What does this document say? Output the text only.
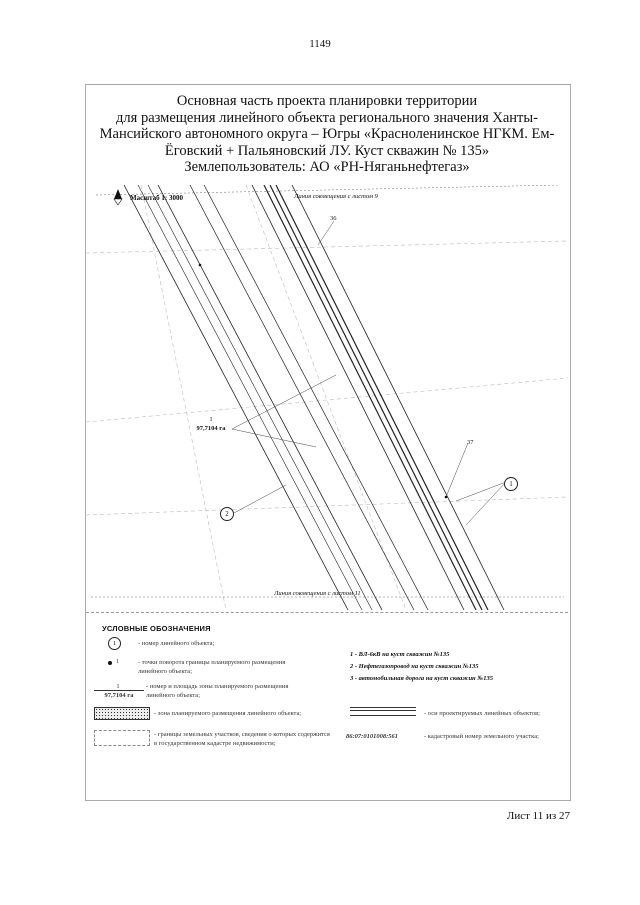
1149
Основная часть проекта планировки территории
для размещения линейного объекта регионального значения Ханты-
Мансийского автономного округа – Югры «Красноленинское НГКМ. Ем-
Ёговский + Пальяновский ЛУ. Куст скважин № 135»
Землепользователь: АО «РН-Няганьнефтегаз»
Масштаб 1: 3000	Линия совмещения с листом 9
Линия совмещения с листом 11
36
37
1
97,7104 га
1
2
УСЛОВНЫЕ ОБОЗНАЧЕНИЯ
1	- номер линейного объекта;
1	- точки поворота границы планируемого размещения линейного объекта;
1
97,7104 га
- номер и площадь зоны планируемого размещения линейного объекта;
- зона планируемого размещения линейного объекта;
- границы земельных участков, сведения о которых содержится в государственном кадастре недвижимости;
1 - ВЛ-6кВ на куст скважин №135
2 - Нефтегазопровод на куст скважин №135
3 - автомобильная дорога на куст скважин №135
- оси проектируемых линейных объектов;
86:07:0101008:561	- кадастровый номер земельного участка;
Лист 11 из 27
